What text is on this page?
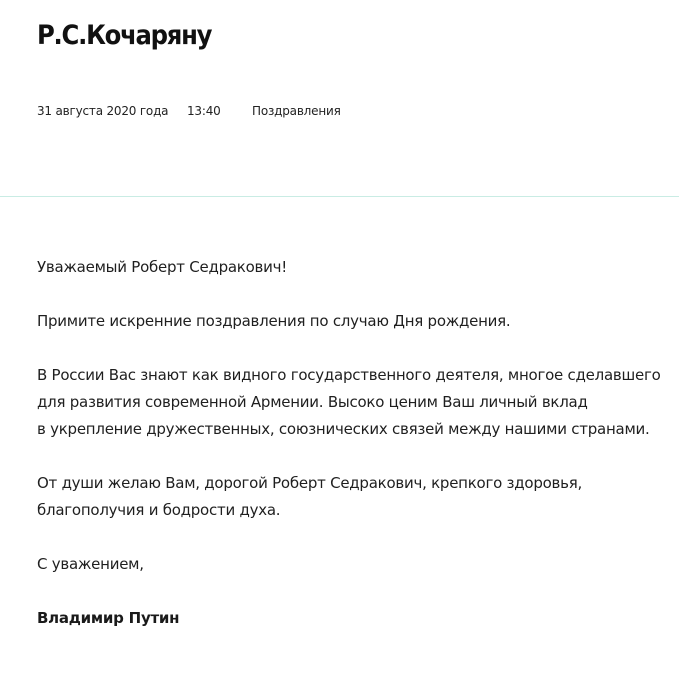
Р.С.Кочаряну
31 августа 2020 года 13:40	Поздравления

Уважаемый Роберт Седракович!

Примите искренние поздравления по случаю Дня рождения.

В России Вас знают как видного государственного деятеля, многое сделавшего
для развития современной Армении. Высоко ценим Ваш личный вклад
в укрепление дружественных, союзнических связей между нашими странами.

От души желаю Вам, дорогой Роберт Седракович, крепкого здоровья,
благополучия и бодрости духа.

С уважением,

Владимир Путин
